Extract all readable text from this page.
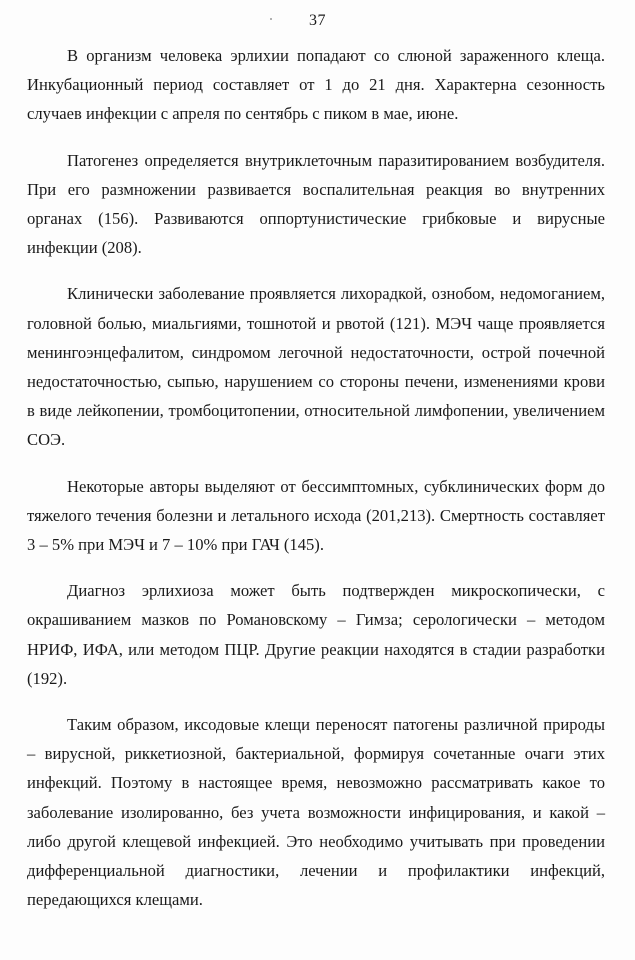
37

В организм человека эрлихии попадают со слюной зараженного клеща. Инкубационный период составляет от 1 до 21 дня. Характерна сезонность случаев инфекции с апреля по сентябрь с пиком в мае, июне.

Патогенез определяется внутриклеточным паразитированием возбудителя. При его размножении развивается воспалительная реакция во внутренних органах (156). Развиваются оппортунистические грибковые и вирусные инфекции (208).

Клинически заболевание проявляется лихорадкой, ознобом, недомоганием, головной болью, миальгиями, тошнотой и рвотой (121). МЭЧ чаще проявляется менингоэнцефалитом, синдромом легочной недостаточности, острой почечной недостаточностью, сыпью, нарушением со стороны печени, изменениями крови в виде лейкопении, тромбоцитопении, относительной лимфопении, увеличением СОЭ.

Некоторые авторы выделяют от бессимптомных, субклинических форм до тяжелого течения болезни и летального исхода (201,213). Смертность составляет 3 – 5% при МЭЧ и 7 – 10% при ГАЧ (145).

Диагноз эрлихиоза может быть подтвержден микроскопически, с окрашиванием мазков по Романовскому – Гимза; серологически – методом НРИФ, ИФА, или методом ПЦР. Другие реакции находятся в стадии разработки (192).

Таким образом, иксодовые клещи переносят патогены различной природы – вирусной, риккетиозной, бактериальной, формируя сочетанные очаги этих инфекций. Поэтому в настоящее время, невозможно рассматривать какое то заболевание изолированно, без учета возможности инфицирования, и какой – либо другой клещевой инфекцией. Это необходимо учитывать при проведении дифференциальной диагностики, лечении и профилактики инфекций, передающихся клещами.
